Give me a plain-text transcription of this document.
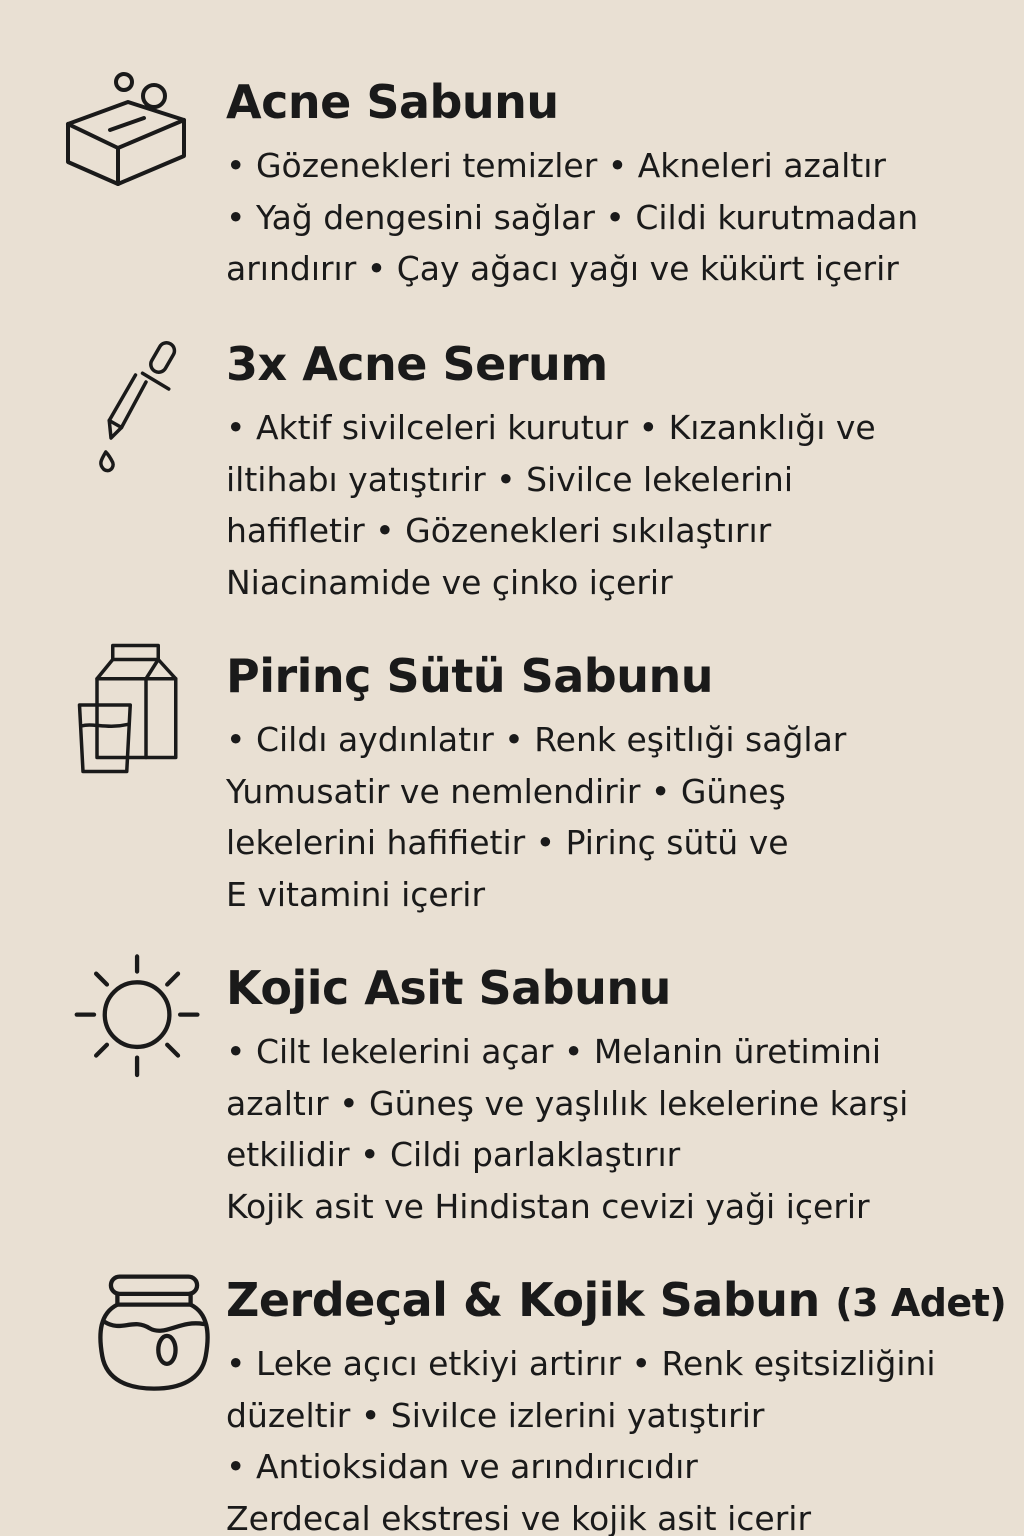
Acne Sabunu

• Gözenekleri temizler • Akneleri azaltır
• Yağ dengesini sağlar • Cildi kurutmadan
arındırır • Çay ağacı yağı ve kükürt içerir

3x Acne Serum

• Aktif sivilceleri kurutur • Kızanklığı ve
iltihabı yatıştırir • Sivilce lekelerini
hafifletir • Gözenekleri sıkılaştırır
Niacinamide ve çinko içerir

Pirinç Sütü Sabunu

• Cildı aydınlatır • Renk eşitlıği sağlar
Yumusatir ve nemlendirir • Güneş
lekelerini hafifietir • Pirinç sütü ve
E vitamini içerir

Kojic Asit Sabunu

• Cilt lekelerini açar • Melanin üretimini
azaltır • Güneş ve yaşlılık lekelerine karşi
etkilidir • Cildi parlaklaştırır
Kojik asit ve Hindistan cevizi yaği içerir

Zerdeçal & Kojik Sabun (3 Adet)

• Leke açıcı etkiyi artirır • Renk eşitsizliğini
düzeltir • Sivilce izlerini yatıştırir
• Antioksidan ve arındırıcıdır
Zerdecal ekstresi ve kojik asit icerir
